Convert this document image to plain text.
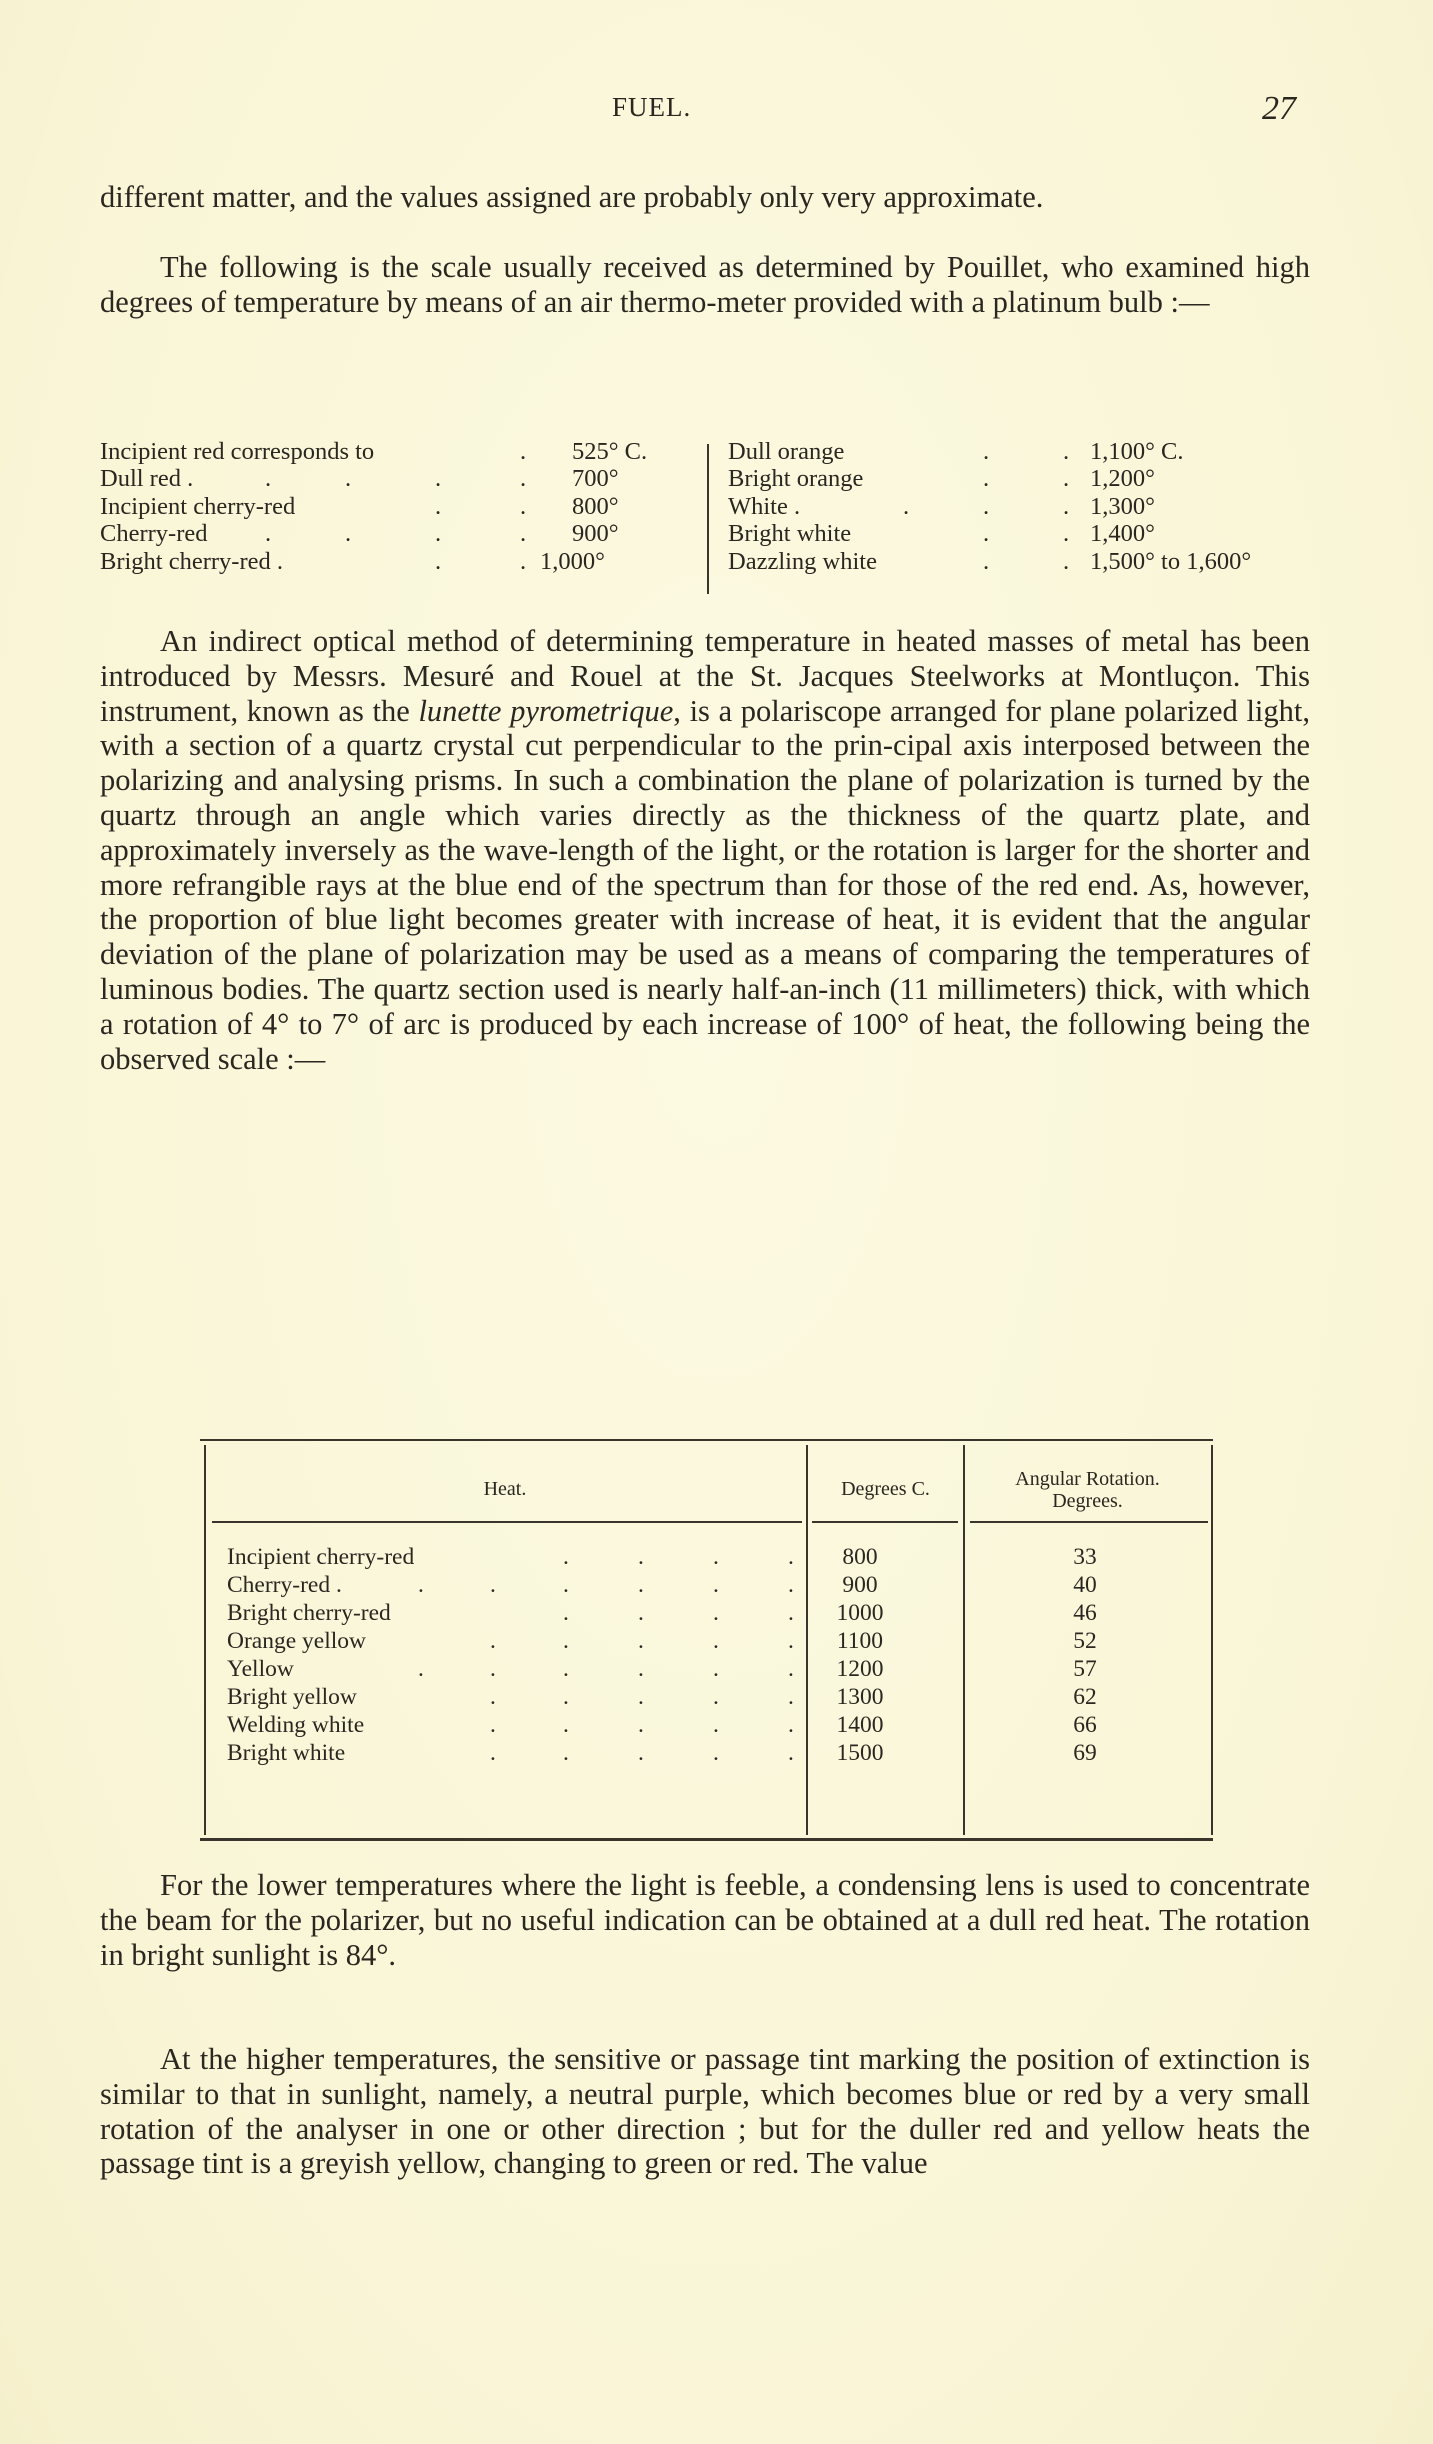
FUEL.	27
different matter, and the values assigned are probably only very approximate.
The following is the scale usually received as determined by Pouillet, who examined high degrees of temperature by means of an air thermo-meter provided with a platinum bulb :—
Incipient red corresponds to	. 525° C.
Dull red .	.	.	.	. 700°
Incipient cherry-red	.	. 800°
Cherry-red .	.	.	. 900°
Bright cherry-red .	.	. 1,000°
Dull orange	.	. 1,100° C.
Bright orange	.	. 1,200°
White .	.	.	. 1,300°
Bright white	.	. 1,400°
Dazzling white	.	. 1,500° to 1,600°
An indirect optical method of determining temperature in heated masses of metal has been introduced by Messrs. Mesuré and Rouel at the St. Jacques Steelworks at Montluçon. This instrument, known as the lunette pyrometrique, is a polariscope arranged for plane polarized light, with a section of a quartz crystal cut perpendicular to the prin-cipal axis interposed between the polarizing and analysing prisms. In such a combination the plane of polarization is turned by the quartz through an angle which varies directly as the thickness of the quartz plate, and approximately inversely as the wave-length of the light, or the rotation is larger for the shorter and more refrangible rays at the blue end of the spectrum than for those of the red end. As, however, the proportion of blue light becomes greater with increase of heat, it is evident that the angular deviation of the plane of polarization may be used as a means of comparing the temperatures of luminous bodies. The quartz section used is nearly half-an-inch (11 millimeters) thick, with which a rotation of 4° to 7° of arc is produced by each increase of 100° of heat, the following being the observed scale :—
Heat.	Degrees C.	Angular Rotation.
Degrees.
Incipient cherry-red	.	.	.	.	800	33
Cherry-red .	.	.	.	.	.	.	900	40
Bright cherry-red	.	.	.	.	1000	46
Orange yellow	.	.	.	.	.	1100	52
Yellow	.	.	.	.	.	.	1200	57
Bright yellow	.	.	.	.	.	1300	62
Welding white	.	.	.	.	.	1400	66
Bright white	.	.	.	.	.	1500	69
For the lower temperatures where the light is feeble, a condensing lens is used to concentrate the beam for the polarizer, but no useful indication can be obtained at a dull red heat. The rotation in bright sunlight is 84°.
At the higher temperatures, the sensitive or passage tint marking the position of extinction is similar to that in sunlight, namely, a neutral purple, which becomes blue or red by a very small rotation of the analyser in one or other direction ; but for the duller red and yellow heats the passage tint is a greyish yellow, changing to green or red. The value
